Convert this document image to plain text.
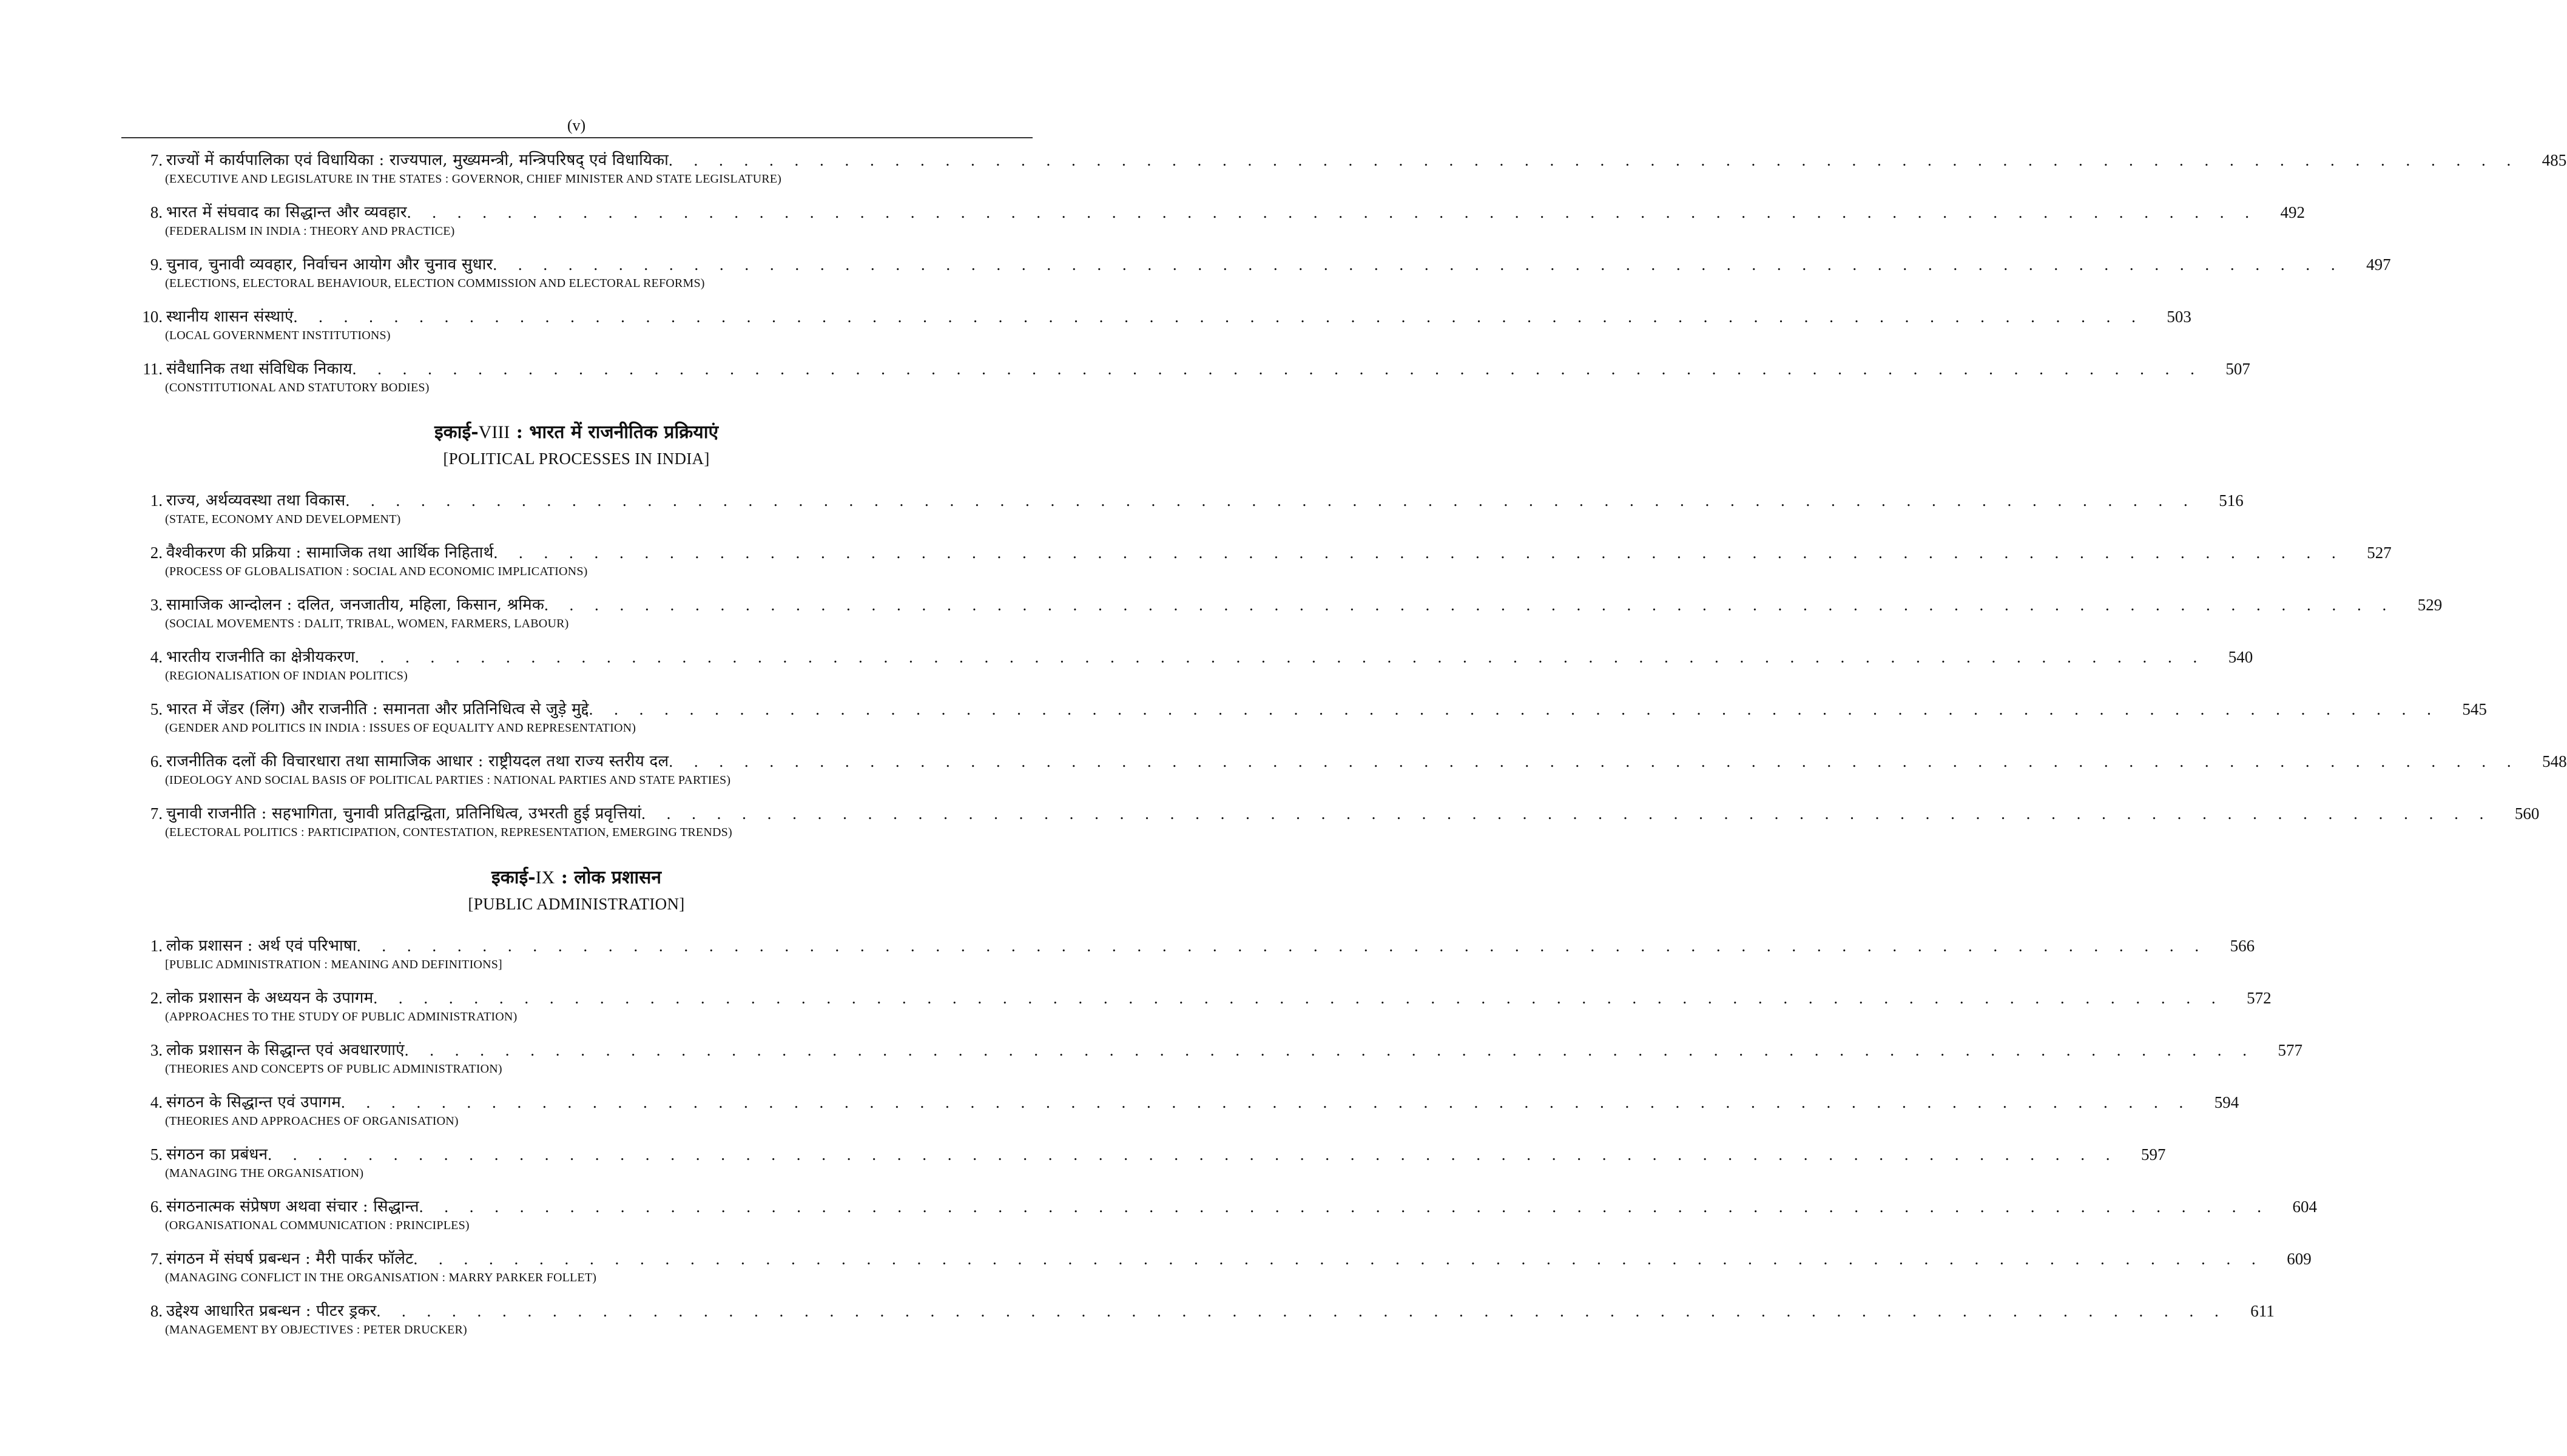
(v)
7. राज्यों में कार्यपालिका एवं विधायिका : राज्यपाल, मुख्यमन्त्री, मन्त्रिपरिषद् एवं विधायिका . . . . . . . . . . . . . . . . . . . . . . . . . . . . . . . . . . . . . . . . . . . . . . . . . . . . . . . . . . . . . . . . . . . . . . . . . .	485
(EXECUTIVE AND LEGISLATURE IN THE STATES : GOVERNOR, CHIEF MINISTER AND STATE LEGISLATURE)
8. भारत में संघवाद का सिद्धान्त और व्यवहार . . . . . . . . . . . . . . . . . . . . . . . . . . . . . . . . . . . . . . . . . . . . . . . . . . . . . . . . . . . . . . . . . . . . . . . . . .	492
(FEDERALISM IN INDIA : THEORY AND PRACTICE)
9. चुनाव, चुनावी व्यवहार, निर्वाचन आयोग और चुनाव सुधार . . . . . . . . . . . . . . . . . . . . . . . . . . . . . . . . . . . . . . . . . . . . . . . . . . . . . . . . . . . . . . . . . . . . . . . . . .	497
(ELECTIONS, ELECTORAL BEHAVIOUR, ELECTION COMMISSION AND ELECTORAL REFORMS)
10. स्थानीय शासन संस्थाएं . . . . . . . . . . . . . . . . . . . . . . . . . . . . . . . . . . . . . . . . . . . . . . . . . . . . . . . . . . . . . . . . . . . . . . . . . .	503
(LOCAL GOVERNMENT INSTITUTIONS)
11. संवैधानिक तथा संविधिक निकाय . . . . . . . . . . . . . . . . . . . . . . . . . . . . . . . . . . . . . . . . . . . . . . . . . . . . . . . . . . . . . . . . . . . . . . . . . .	507
(CONSTITUTIONAL AND STATUTORY BODIES)
इकाई-VIII : भारत में राजनीतिक प्रक्रियाएं
[POLITICAL PROCESSES IN INDIA]
1. राज्य, अर्थव्यवस्था तथा विकास . . . . . . . . . . . . . . . . . . . . . . . . . . . . . . . . . . . . . . . . . . . . . . . . . . . . . . . . . . . . . . . . . . . . . . . . . .	516
(STATE, ECONOMY AND DEVELOPMENT)
2. वैश्वीकरण की प्रक्रिया : सामाजिक तथा आर्थिक निहितार्थ . . . . . . . . . . . . . . . . . . . . . . . . . . . . . . . . . . . . . . . . . . . . . . . . . . . . . . . . . . . . . . . . . . . . . . . . . .	527
(PROCESS OF GLOBALISATION : SOCIAL AND ECONOMIC IMPLICATIONS)
3. सामाजिक आन्दोलन : दलित, जनजातीय, महिला, किसान, श्रमिक . . . . . . . . . . . . . . . . . . . . . . . . . . . . . . . . . . . . . . . . . . . . . . . . . . . . . . . . . . . . . . . . . . . . . . . . . .	529
(SOCIAL MOVEMENTS : DALIT, TRIBAL, WOMEN, FARMERS, LABOUR)
4. भारतीय राजनीति का क्षेत्रीयकरण . . . . . . . . . . . . . . . . . . . . . . . . . . . . . . . . . . . . . . . . . . . . . . . . . . . . . . . . . . . . . . . . . . . . . . . . . .	540
(REGIONALISATION OF INDIAN POLITICS)
5. भारत में जेंडर (लिंग) और राजनीति : समानता और प्रतिनिधित्व से जुड़े मुद्दे . . . . . . . . . . . . . . . . . . . . . . . . . . . . . . . . . . . . . . . . . . . . . . . . . . . . . . . . . . . . . . . . . . . . . . . . . .	545
(GENDER AND POLITICS IN INDIA : ISSUES OF EQUALITY AND REPRESENTATION)
6. राजनीतिक दलों की विचारधारा तथा सामाजिक आधार : राष्ट्रीयदल तथा राज्य स्तरीय दल . . . . . . . . . . . . . . . . . . . . . . . . . . . . . . . . . . . . . . . . . . . . . . . . . . . . . . . . . . . . . . . . . . . . . . . . . .	548
(IDEOLOGY AND SOCIAL BASIS OF POLITICAL PARTIES : NATIONAL PARTIES AND STATE PARTIES)
7. चुनावी राजनीति : सहभागिता, चुनावी प्रतिद्वन्द्विता, प्रतिनिधित्व, उभरती हुई प्रवृत्तियां . . . . . . . . . . . . . . . . . . . . . . . . . . . . . . . . . . . . . . . . . . . . . . . . . . . . . . . . . . . . . . . . . . . . . . . . . .	560
(ELECTORAL POLITICS : PARTICIPATION, CONTESTATION, REPRESENTATION, EMERGING TRENDS)
इकाई-IX : लोक प्रशासन
[PUBLIC ADMINISTRATION]
1. लोक प्रशासन : अर्थ एवं परिभाषा . . . . . . . . . . . . . . . . . . . . . . . . . . . . . . . . . . . . . . . . . . . . . . . . . . . . . . . . . . . . . . . . . . . . . . . . . .	566
[PUBLIC ADMINISTRATION : MEANING AND DEFINITIONS]
2. लोक प्रशासन के अध्ययन के उपागम . . . . . . . . . . . . . . . . . . . . . . . . . . . . . . . . . . . . . . . . . . . . . . . . . . . . . . . . . . . . . . . . . . . . . . . . . .	572
(APPROACHES TO THE STUDY OF PUBLIC ADMINISTRATION)
3. लोक प्रशासन के सिद्धान्त एवं अवधारणाएं . . . . . . . . . . . . . . . . . . . . . . . . . . . . . . . . . . . . . . . . . . . . . . . . . . . . . . . . . . . . . . . . . . . . . . . . . .	577
(THEORIES AND CONCEPTS OF PUBLIC ADMINISTRATION)
4. संगठन के सिद्धान्त एवं उपागम . . . . . . . . . . . . . . . . . . . . . . . . . . . . . . . . . . . . . . . . . . . . . . . . . . . . . . . . . . . . . . . . . . . . . . . . . .	594
(THEORIES AND APPROACHES OF ORGANISATION)
5. संगठन का प्रबंधन . . . . . . . . . . . . . . . . . . . . . . . . . . . . . . . . . . . . . . . . . . . . . . . . . . . . . . . . . . . . . . . . . . . . . . . . . .	597
(MANAGING THE ORGANISATION)
6. संगठनात्मक संप्रेषण अथवा संचार : सिद्धान्त . . . . . . . . . . . . . . . . . . . . . . . . . . . . . . . . . . . . . . . . . . . . . . . . . . . . . . . . . . . . . . . . . . . . . . . . . .	604
(ORGANISATIONAL COMMUNICATION : PRINCIPLES)
7. संगठन में संघर्ष प्रबन्धन : मैरी पार्कर फॉलेट . . . . . . . . . . . . . . . . . . . . . . . . . . . . . . . . . . . . . . . . . . . . . . . . . . . . . . . . . . . . . . . . . . . . . . . . . .	609
(MANAGING CONFLICT IN THE ORGANISATION : MARRY PARKER FOLLET)
8. उद्देश्य आधारित प्रबन्धन : पीटर ड्रकर . . . . . . . . . . . . . . . . . . . . . . . . . . . . . . . . . . . . . . . . . . . . . . . . . . . . . . . . . . . . . . . . . . . . . . . . . .	611
(MANAGEMENT BY OBJECTIVES : PETER DRUCKER)
